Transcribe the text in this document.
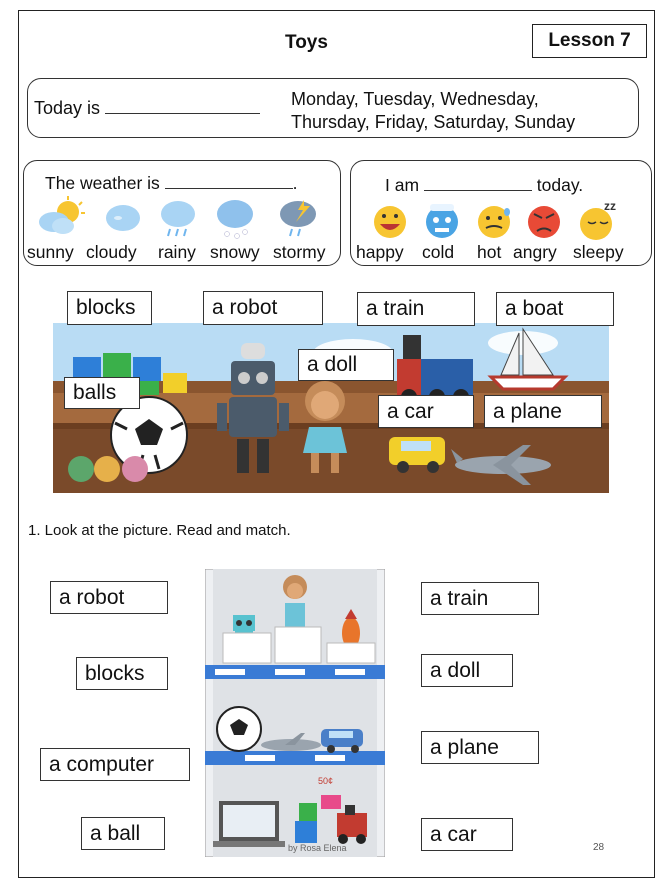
Toys	Lesson 7
Today is	Monday, Tuesday, Wednesday,
Thursday, Friday, Saturday, Sunday
The weather is	.
sunny cloudy rainy snowy stormy
I am	today.
zz
happy cold hot angry sleepy
blocks	a robot	a train	a boat
balls
a doll
a car	a plane
1. Look at the picture. Read and match.
a robot
blocks
a computer
a ball
a train
a doll
a plane
a car
50¢
by Rosa Elena	28
